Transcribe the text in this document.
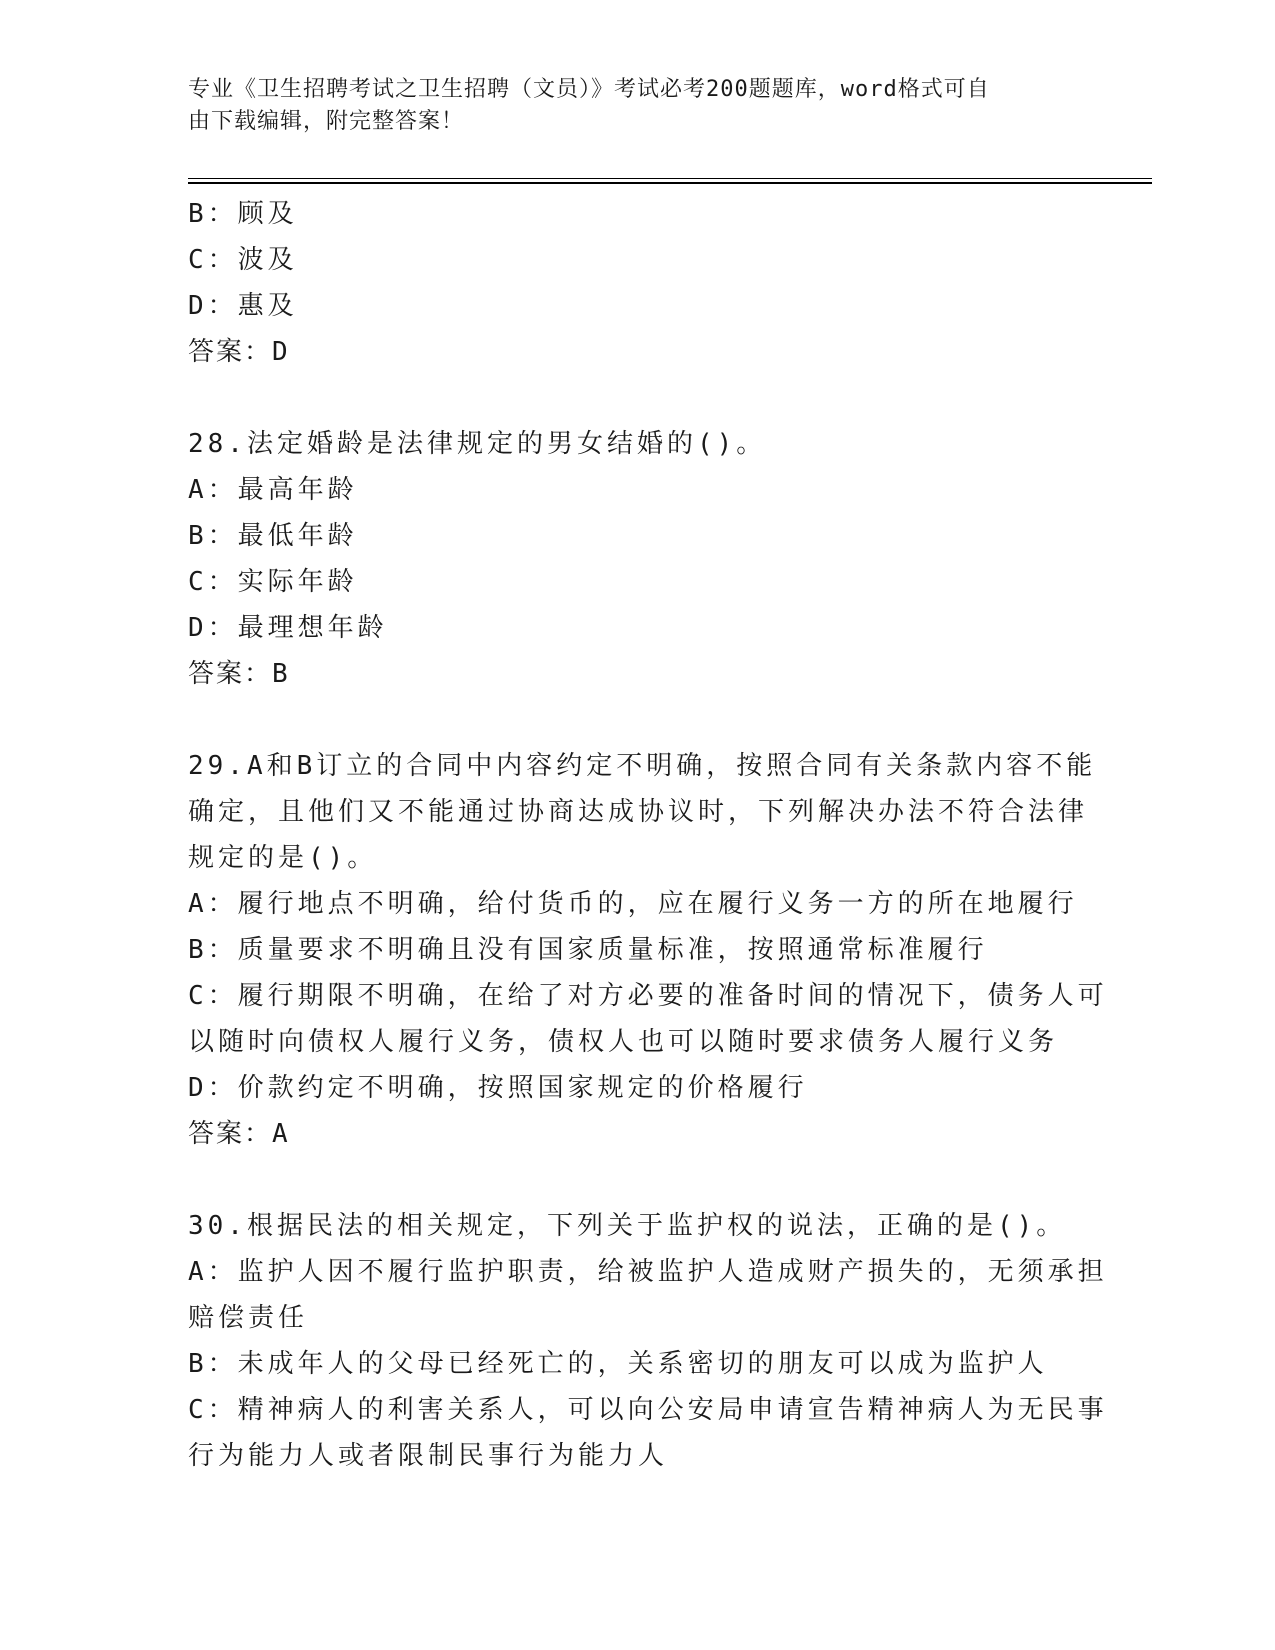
专业《卫生招聘考试之卫生招聘（文员）》考试必考200题题库，word格式可自
由下载编辑，附完整答案！
B：顾及
C：波及
D：惠及
答案：D
28.法定婚龄是法律规定的男女结婚的()。
A：最高年龄
B：最低年龄
C：实际年龄
D：最理想年龄
答案：B
29.A和B订立的合同中内容约定不明确，按照合同有关条款内容不能
确定，且他们又不能通过协商达成协议时，下列解决办法不符合法律
规定的是()。
A：履行地点不明确，给付货币的，应在履行义务一方的所在地履行
B：质量要求不明确且没有国家质量标准，按照通常标准履行
C：履行期限不明确，在给了对方必要的准备时间的情况下，债务人可
以随时向债权人履行义务，债权人也可以随时要求债务人履行义务
D：价款约定不明确，按照国家规定的价格履行
答案：A
30.根据民法的相关规定，下列关于监护权的说法，正确的是()。
A：监护人因不履行监护职责，给被监护人造成财产损失的，无须承担
赔偿责任
B：未成年人的父母已经死亡的，关系密切的朋友可以成为监护人
C：精神病人的利害关系人，可以向公安局申请宣告精神病人为无民事
行为能力人或者限制民事行为能力人
